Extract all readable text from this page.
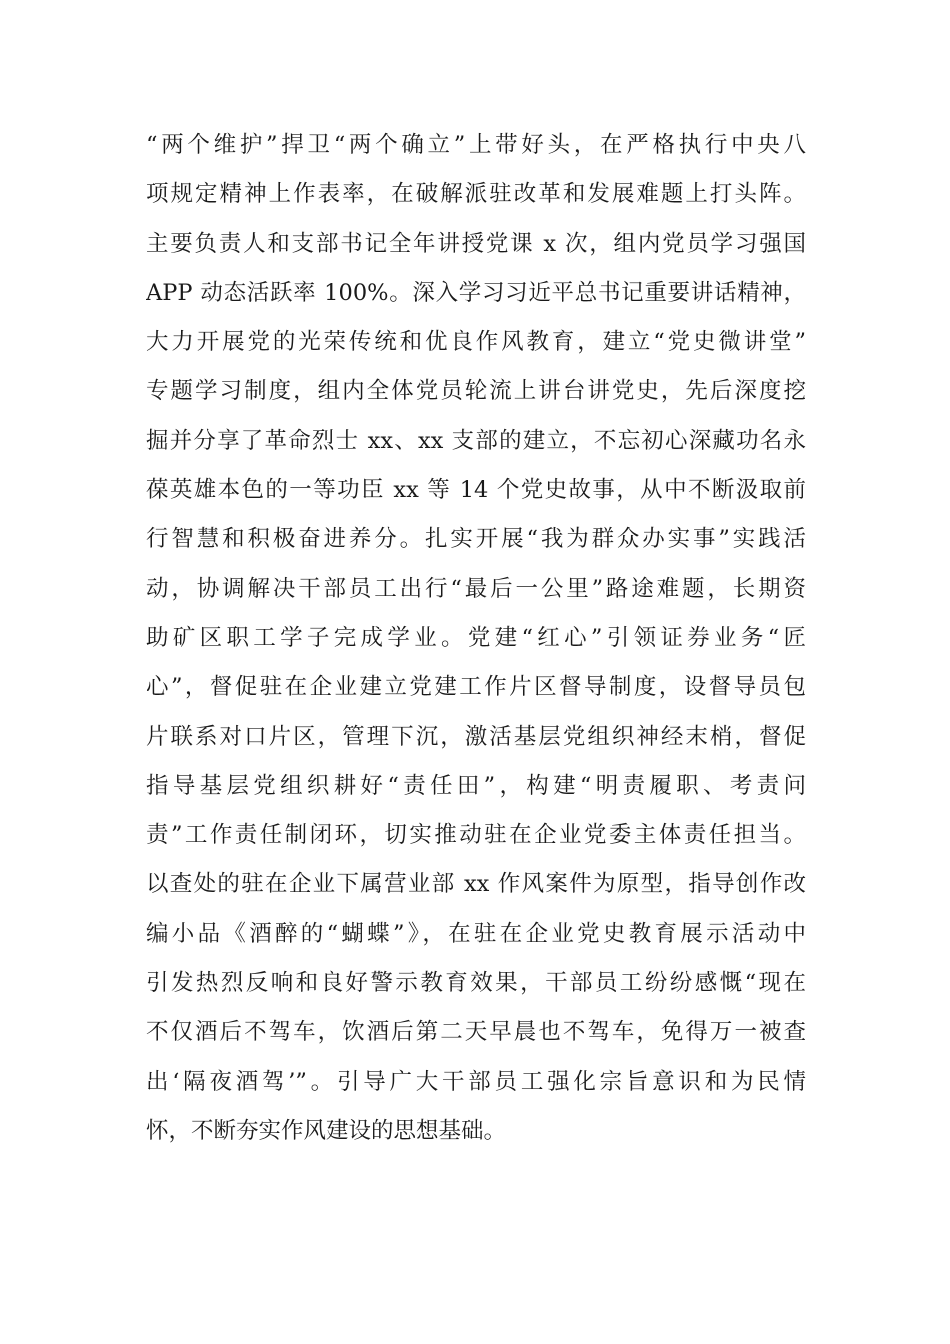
“两个维护”捍卫“两个确立”上带好头，在严格执行中央八
项规定精神上作表率，在破解派驻改革和发展难题上打头阵。
主要负责人和支部书记全年讲授党课 x 次，组内党员学习强国
APP 动态活跃率 100%。深入学习习近平总书记重要讲话精神，
大力开展党的光荣传统和优良作风教育，建立“党史微讲堂”
专题学习制度，组内全体党员轮流上讲台讲党史，先后深度挖
掘并分享了革命烈士 xx、xx 支部的建立，不忘初心深藏功名永
葆英雄本色的一等功臣 xx 等 14 个党史故事，从中不断汲取前
行智慧和积极奋进养分。扎实开展“我为群众办实事”实践活
动，协调解决干部员工出行“最后一公里”路途难题，长期资
助矿区职工学子完成学业。党建“红心”引领证券业务“匠
心”，督促驻在企业建立党建工作片区督导制度，设督导员包
片联系对口片区，管理下沉，激活基层党组织神经末梢，督促
指导基层党组织耕好“责任田”，构建“明责履职、考责问
责”工作责任制闭环，切实推动驻在企业党委主体责任担当。
以查处的驻在企业下属营业部 xx 作风案件为原型，指导创作改
编小品《酒醉的“蝴蝶”》，在驻在企业党史教育展示活动中
引发热烈反响和良好警示教育效果，干部员工纷纷感慨“现在
不仅酒后不驾车，饮酒后第二天早晨也不驾车，免得万一被查
出‘隔夜酒驾’”。引导广大干部员工强化宗旨意识和为民情
怀，不断夯实作风建设的思想基础。
